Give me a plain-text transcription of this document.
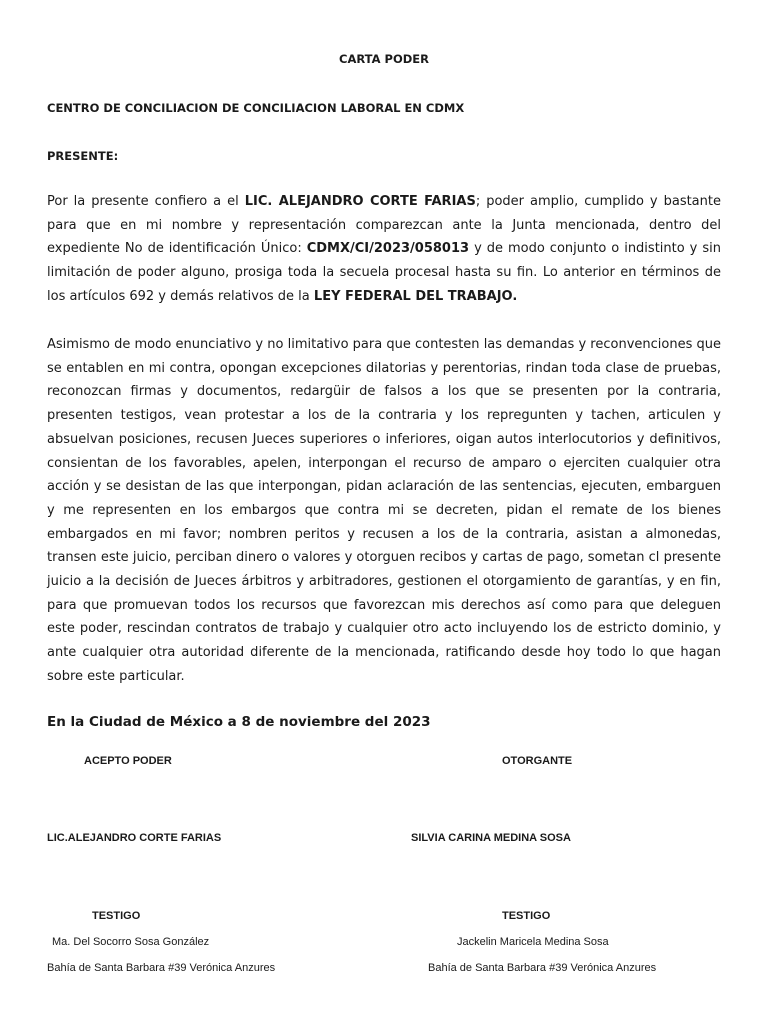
CARTA PODER
CENTRO DE CONCILIACION DE CONCILIACION LABORAL EN CDMX
PRESENTE:
Por la presente confiero a el LIC. ALEJANDRO CORTE FARIAS; poder amplio, cumplido y bastante para que en mi nombre y representación comparezcan ante la Junta mencionada, dentro del expediente No de identificación Único: CDMX/CI/2023/058013 y de modo conjunto o indistinto y sin limitación de poder alguno, prosiga toda la secuela procesal hasta su fin. Lo anterior en términos de los artículos 692 y demás relativos de la LEY FEDERAL DEL TRABAJO.
Asimismo de modo enunciativo y no limitativo para que contesten las demandas y reconvenciones que se entablen en mi contra, opongan excepciones dilatorias y perentorias, rindan toda clase de pruebas, reconozcan firmas y documentos, redargüir de falsos a los que se presenten por la contraria, presenten testigos, vean protestar a los de la contraria y los repregunten y tachen, articulen y absuelvan posiciones, recusen Jueces superiores o inferiores, oigan autos interlocutorios y definitivos, consientan de los favorables, apelen, interpongan el recurso de amparo o ejerciten cualquier otra acción y se desistan de las que interpongan, pidan aclaración de las sentencias, ejecuten, embarguen y me representen en los embargos que contra mi se decreten, pidan el remate de los bienes embargados en mi favor; nombren peritos y recusen a los de la contraria, asistan a almonedas, transen este juicio, perciban dinero o valores y otorguen recibos y cartas de pago, sometan cl presente juicio a la decisión de Jueces árbitros y arbitradores, gestionen el otorgamiento de garantías, y en fin, para que promuevan todos los recursos que favorezcan mis derechos así como para que deleguen este poder, rescindan contratos de trabajo y cualquier otro acto incluyendo los de estricto dominio, y ante cualquier otra autoridad diferente de la mencionada, ratificando desde hoy todo lo que hagan sobre este particular.
En la Ciudad de México a 8 de noviembre del 2023
ACEPTO PODER	OTORGANTE
LIC.ALEJANDRO CORTE FARIAS	SILVIA CARINA MEDINA SOSA
TESTIGO	TESTIGO
Ma. Del Socorro Sosa González	Jackelin Maricela Medina Sosa
Bahía de Santa Barbara #39 Verónica Anzures	Bahía de Santa Barbara #39 Verónica Anzures
